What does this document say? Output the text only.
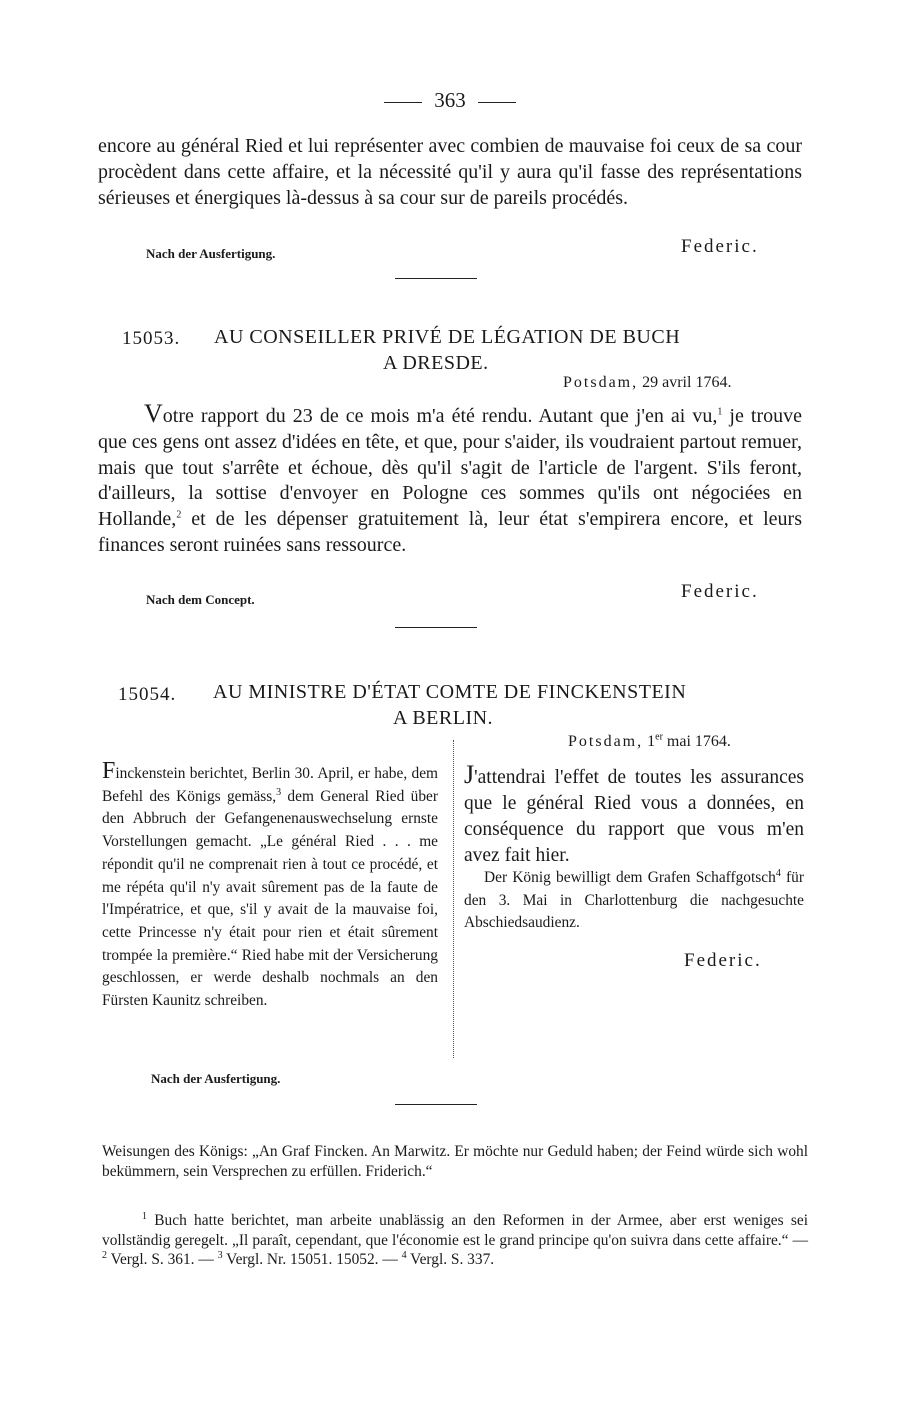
363
encore au général Ried et lui représenter avec combien de mauvaise foi ceux de sa cour procèdent dans cette affaire, et la nécessité qu'il y aura qu'il fasse des représentations sérieuses et énergiques là-dessus à sa cour sur de pareils procédés.
Nach der Ausfertigung.	Federic.
15053. AU CONSEILLER PRIVÉ DE LÉGATION DE BUCH
A DRESDE.
Potsdam, 29 avril 1764.
Votre rapport du 23 de ce mois m'a été rendu. Autant que j'en ai vu,$^1$ je trouve que ces gens ont assez d'idées en tête, et que, pour s'aider, ils voudraient partout remuer, mais que tout s'arrête et échoue, dès qu'il s'agit de l'article de l'argent. S'ils feront, d'ailleurs, la sottise d'envoyer en Pologne ces sommes qu'ils ont négociées en Hollande,$^2$ et de les dépenser gratuitement là, leur état s'empirera encore, et leurs finances seront ruinées sans ressource.
Nach dem Concept.	Federic.
15054. AU MINISTRE D'ÉTAT COMTE DE FINCKENSTEIN
A BERLIN.
Potsdam, 1er mai 1764.
Finckenstein berichtet, Berlin 30. April, er habe, dem Befehl des Königs gemäss,$^3$ dem General Ried über den Abbruch der Gefangenenauswechselung ernste Vorstellungen gemacht. „Le général Ried . . . me répondit qu'il ne comprenait rien à tout ce procédé, et me répéta qu'il n'y avait sûrement pas de la faute de l'Impératrice, et que, s'il y avait de la mauvaise foi, cette Princesse n'y était pour rien et était sûrement trompée la première.“ Ried habe mit der Versicherung geschlossen, er werde deshalb nochmals an den Fürsten Kaunitz schreiben.
J'attendrai l'effet de toutes les assurances que le général Ried vous a données, en conséquence du rapport que vous m'en avez fait hier.
Der König bewilligt dem Grafen Schaffgotsch$^4$ für den 3. Mai in Charlottenburg die nachgesuchte Abschiedsaudienz.
Federic.
Nach der Ausfertigung.
Weisungen des Königs: „An Graf Fincken. An Marwitz. Er möchte nur Geduld haben; der Feind würde sich wohl bekümmern, sein Versprechen zu erfüllen. Friderich.“
$^1$ Buch hatte berichtet, man arbeite unablässig an den Reformen in der Armee, aber erst weniges sei vollständig geregelt. „Il paraît, cependant, que l'économie est le grand principe qu'on suivra dans cette affaire.“ — $^2$ Vergl. S. 361. — $^3$ Vergl. Nr. 15051. 15052. — $^4$ Vergl. S. 337.
